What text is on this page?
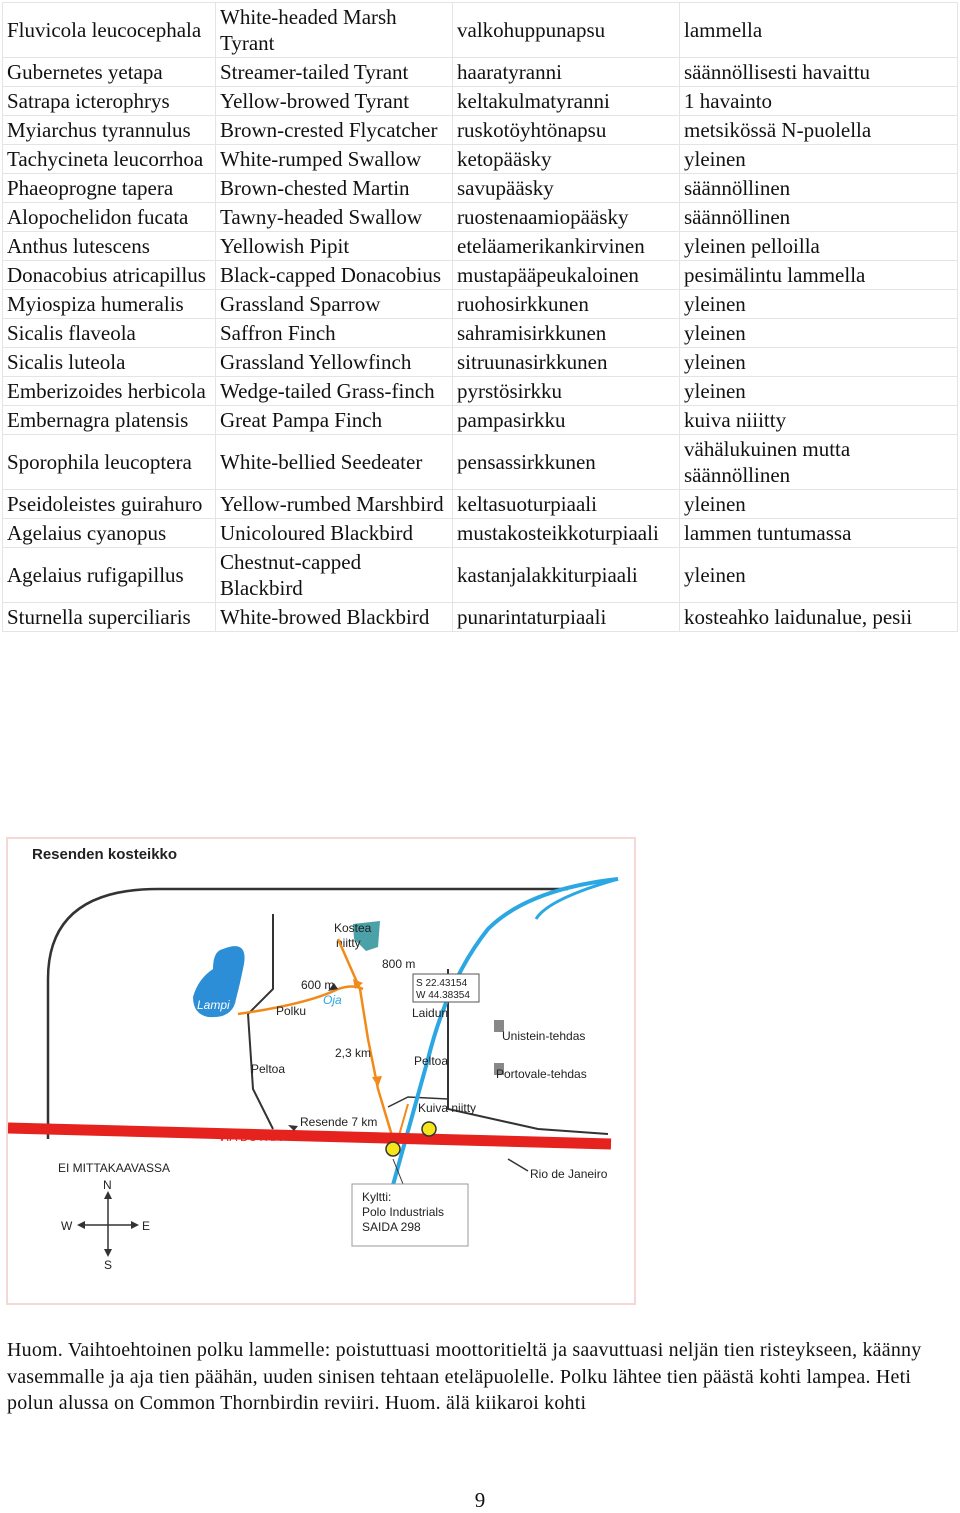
Fluvicola leucocephala	White-headed Marsh Tyrant	valkohuppunapsu	lammella
Gubernetes yetapa	Streamer-tailed Tyrant	haaratyranni	säännöllisesti havaittu
Satrapa icterophrys	Yellow-browed Tyrant	keltakulmatyranni	1 havainto
Myiarchus tyrannulus	Brown-crested Flycatcher	ruskotöyhtönapsu	metsikössä N-puolella
Tachycineta leucorrhoa	White-rumped Swallow	ketopääsky	yleinen
Phaeoprogne tapera	Brown-chested Martin	savupääsky	säännöllinen
Alopochelidon fucata	Tawny-headed Swallow	ruostenaamiopääsky	säännöllinen
Anthus lutescens	Yellowish Pipit	eteläamerikankirvinen	yleinen pelloilla
Donacobius atricapillus	Black-capped Donacobius	mustapääpeukaloinen	pesimälintu lammella
Myiospiza humeralis	Grassland Sparrow	ruohosirkkunen	yleinen
Sicalis flaveola	Saffron Finch	sahramisirkkunen	yleinen
Sicalis luteola	Grassland Yellowfinch	sitruunasirkkunen	yleinen
Emberizoides herbicola	Wedge-tailed Grass-finch	pyrstösirkku	yleinen
Embernagra platensis	Great Pampa Finch	pampasirkku	kuiva niiitty
Sporophila leucoptera	White-bellied Seedeater	pensassirkkunen	vähälukuinen mutta säännöllinen
Pseidoleistes guirahuro	Yellow-rumbed Marshbird	keltasuoturpiaali	yleinen
Agelaius cyanopus	Unicoloured Blackbird	mustakosteikkoturpiaali	lammen tuntumassa
Agelaius rufigapillus	Chestnut-capped Blackbird	kastanjalakkiturpiaali	yleinen
Sturnella superciliaris	White-browed Blackbird	punarintaturpiaali	kosteahko laidunalue, pesii
Resenden kosteikko
Lampi
Kostea
niitty
800 m
600 m
Oja
Polku
S 22.43154
W 44.38354
Laidun
Unistein-tehdas
Portovale-tehdas
2,3 km
Peltoa
Peltoa
Kuiva niitty
VIA DUTRA
Resende 7 km
Rio de Janeiro
Kyltti:
Polo Industrials
SAIDA 298
EI MITTAKAAVASSA
N
S
W	E
Huom. Vaihtoehtoinen polku lammelle: poistuttuasi moottoritieltä ja saavuttuasi neljän tien risteykseen, käänny vasemmalle ja aja tien päähän, uuden sinisen tehtaan eteläpuolelle. Polku lähtee tien päästä kohti lampea. Heti polun alussa on Common Thornbirdin reviiri. Huom. älä kiikaroi kohti
9
